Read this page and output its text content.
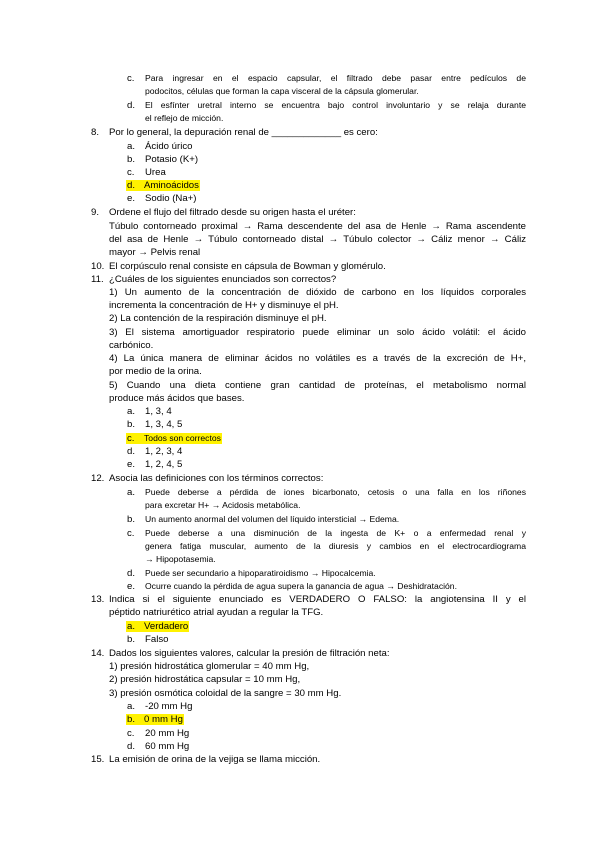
c. Para ingresar en el espacio capsular, el filtrado debe pasar entre pedículos de
podocitos, células que forman la capa visceral de la cápsula glomerular.
d. El esfínter uretral interno se encuentra bajo control involuntario y se relaja durante
el reflejo de micción.
8. Por lo general, la depuración renal de _____________ es cero:
a. Ácido úrico
b. Potasio (K+)
c. Urea
d. Aminoácidos
e. Sodio (Na+)
9. Ordene el flujo del filtrado desde su origen hasta el uréter:
Túbulo contorneado proximal → Rama descendente del asa de Henle → Rama ascendente
del asa de Henle → Túbulo contorneado distal → Túbulo colector → Cáliz menor → Cáliz
mayor → Pelvis renal
10. El corpúsculo renal consiste en cápsula de Bowman y glomérulo.
11. ¿Cuáles de los siguientes enunciados son correctos?
1) Un aumento de la concentración de dióxido de carbono en los líquidos corporales
incrementa la concentración de H+ y disminuye el pH.
2) La contención de la respiración disminuye el pH.
3) El sistema amortiguador respiratorio puede eliminar un solo ácido volátil: el ácido
carbónico.
4) La única manera de eliminar ácidos no volátiles es a través de la excreción de H+,
por medio de la orina.
5) Cuando una dieta contiene gran cantidad de proteínas, el metabolismo normal
produce más ácidos que bases.
a. 1, 3, 4
b. 1, 3, 4, 5
c. Todos son correctos
d. 1, 2, 3, 4
e. 1, 2, 4, 5
12. Asocia las definiciones con los términos correctos:
a. Puede deberse a pérdida de iones bicarbonato, cetosis o una falla en los riñones
para excretar H+ → Acidosis metabólica.
b. Un aumento anormal del volumen del líquido intersticial → Edema.
c. Puede deberse a una disminución de la ingesta de K+ o a enfermedad renal y
genera fatiga muscular, aumento de la diuresis y cambios en el electrocardiograma
→ Hipopotasemia.
d. Puede ser secundario a hipoparatiroidismo → Hipocalcemia.
e. Ocurre cuando la pérdida de agua supera la ganancia de agua → Deshidratación.
13. Indica si el siguiente enunciado es VERDADERO O FALSO: la angiotensina II y el
péptido natriurético atrial ayudan a regular la TFG.
a. Verdadero
b. Falso
14. Dados los siguientes valores, calcular la presión de filtración neta:
1) presión hidrostática glomerular = 40 mm Hg,
2) presión hidrostática capsular = 10 mm Hg,
3) presión osmótica coloidal de la sangre = 30 mm Hg.
a. -20 mm Hg
b. 0 mm Hg
c. 20 mm Hg
d. 60 mm Hg
15. La emisión de orina de la vejiga se llama micción.
